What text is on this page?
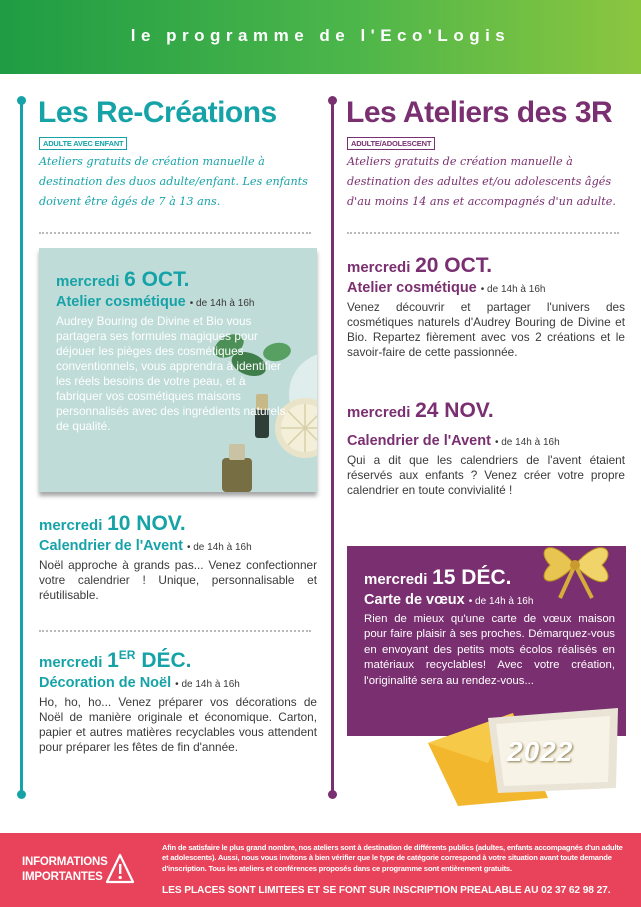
le programme de l'Eco'Logis
Les Re-Créations
ADULTE AVEC ENFANT
Ateliers gratuits de création manuelle à destination des duos adulte/enfant. Les enfants doivent être âgés de 7 à 13 ans.
mercredi 6 OCT.
Atelier cosmétique • de 14h à 16h
Audrey Bouring de Divine et Bio vous partagera ses formules magiques pour déjouer les pièges des cosmétiques conventionnels, vous apprendra à identifier les réels besoins de votre peau, et à fabriquer vos cosmétiques maisons personnalisés avec des ingrédients naturels de qualité.
mercredi 10 NOV.
Calendrier de l'Avent • de 14h à 16h
Noël approche à grands pas... Venez confectionner votre calendrier ! Unique, personnalisable et réutilisable.
mercredi 1ER DÉC.
Décoration de Noël • de 14h à 16h
Ho, ho, ho... Venez préparer vos décorations de Noël de manière originale et économique. Carton, papier et autres matières recyclables vous attendent pour préparer les fêtes de fin d'année.
Les Ateliers des 3R
ADULTE/ADOLESCENT
Ateliers gratuits de création manuelle à destination des adultes et/ou adolescents âgés d'au moins 14 ans et accompagnés d'un adulte.
mercredi 20 OCT.
Atelier cosmétique • de 14h à 16h
Venez découvrir et partager l'univers des cosmétiques naturels d'Audrey Bouring de Divine et Bio. Repartez fièrement avec vos 2 créations et le savoir-faire de cette passionnée.
mercredi 24 NOV.
Calendrier de l'Avent • de 14h à 16h
Qui a dit que les calendriers de l'avent étaient réservés aux enfants ? Venez créer votre propre calendrier en toute convivialité !
mercredi 15 DÉC.
Carte de vœux • de 14h à 16h
Rien de mieux qu'une carte de vœux maison pour faire plaisir à ses proches. Démarquez-vous en envoyant des petits mots écolos réalisés en matériaux recyclables! Avec votre création, l'originalité sera au rendez-vous...
2022
INFORMATIONS
IMPORTANTES
Afin de satisfaire le plus grand nombre, nos ateliers sont à destination de différents publics (adultes, enfants accompagnés d'un adulte et adolescents). Aussi, nous vous invitons à bien vérifier que le type de catégorie correspond à votre situation avant toute demande d'inscription. Tous les ateliers et conférences proposés dans ce programme sont entièrement gratuits.
LES PLACES SONT LIMITEES ET SE FONT SUR INSCRIPTION PREALABLE AU 02 37 62 98 27.
